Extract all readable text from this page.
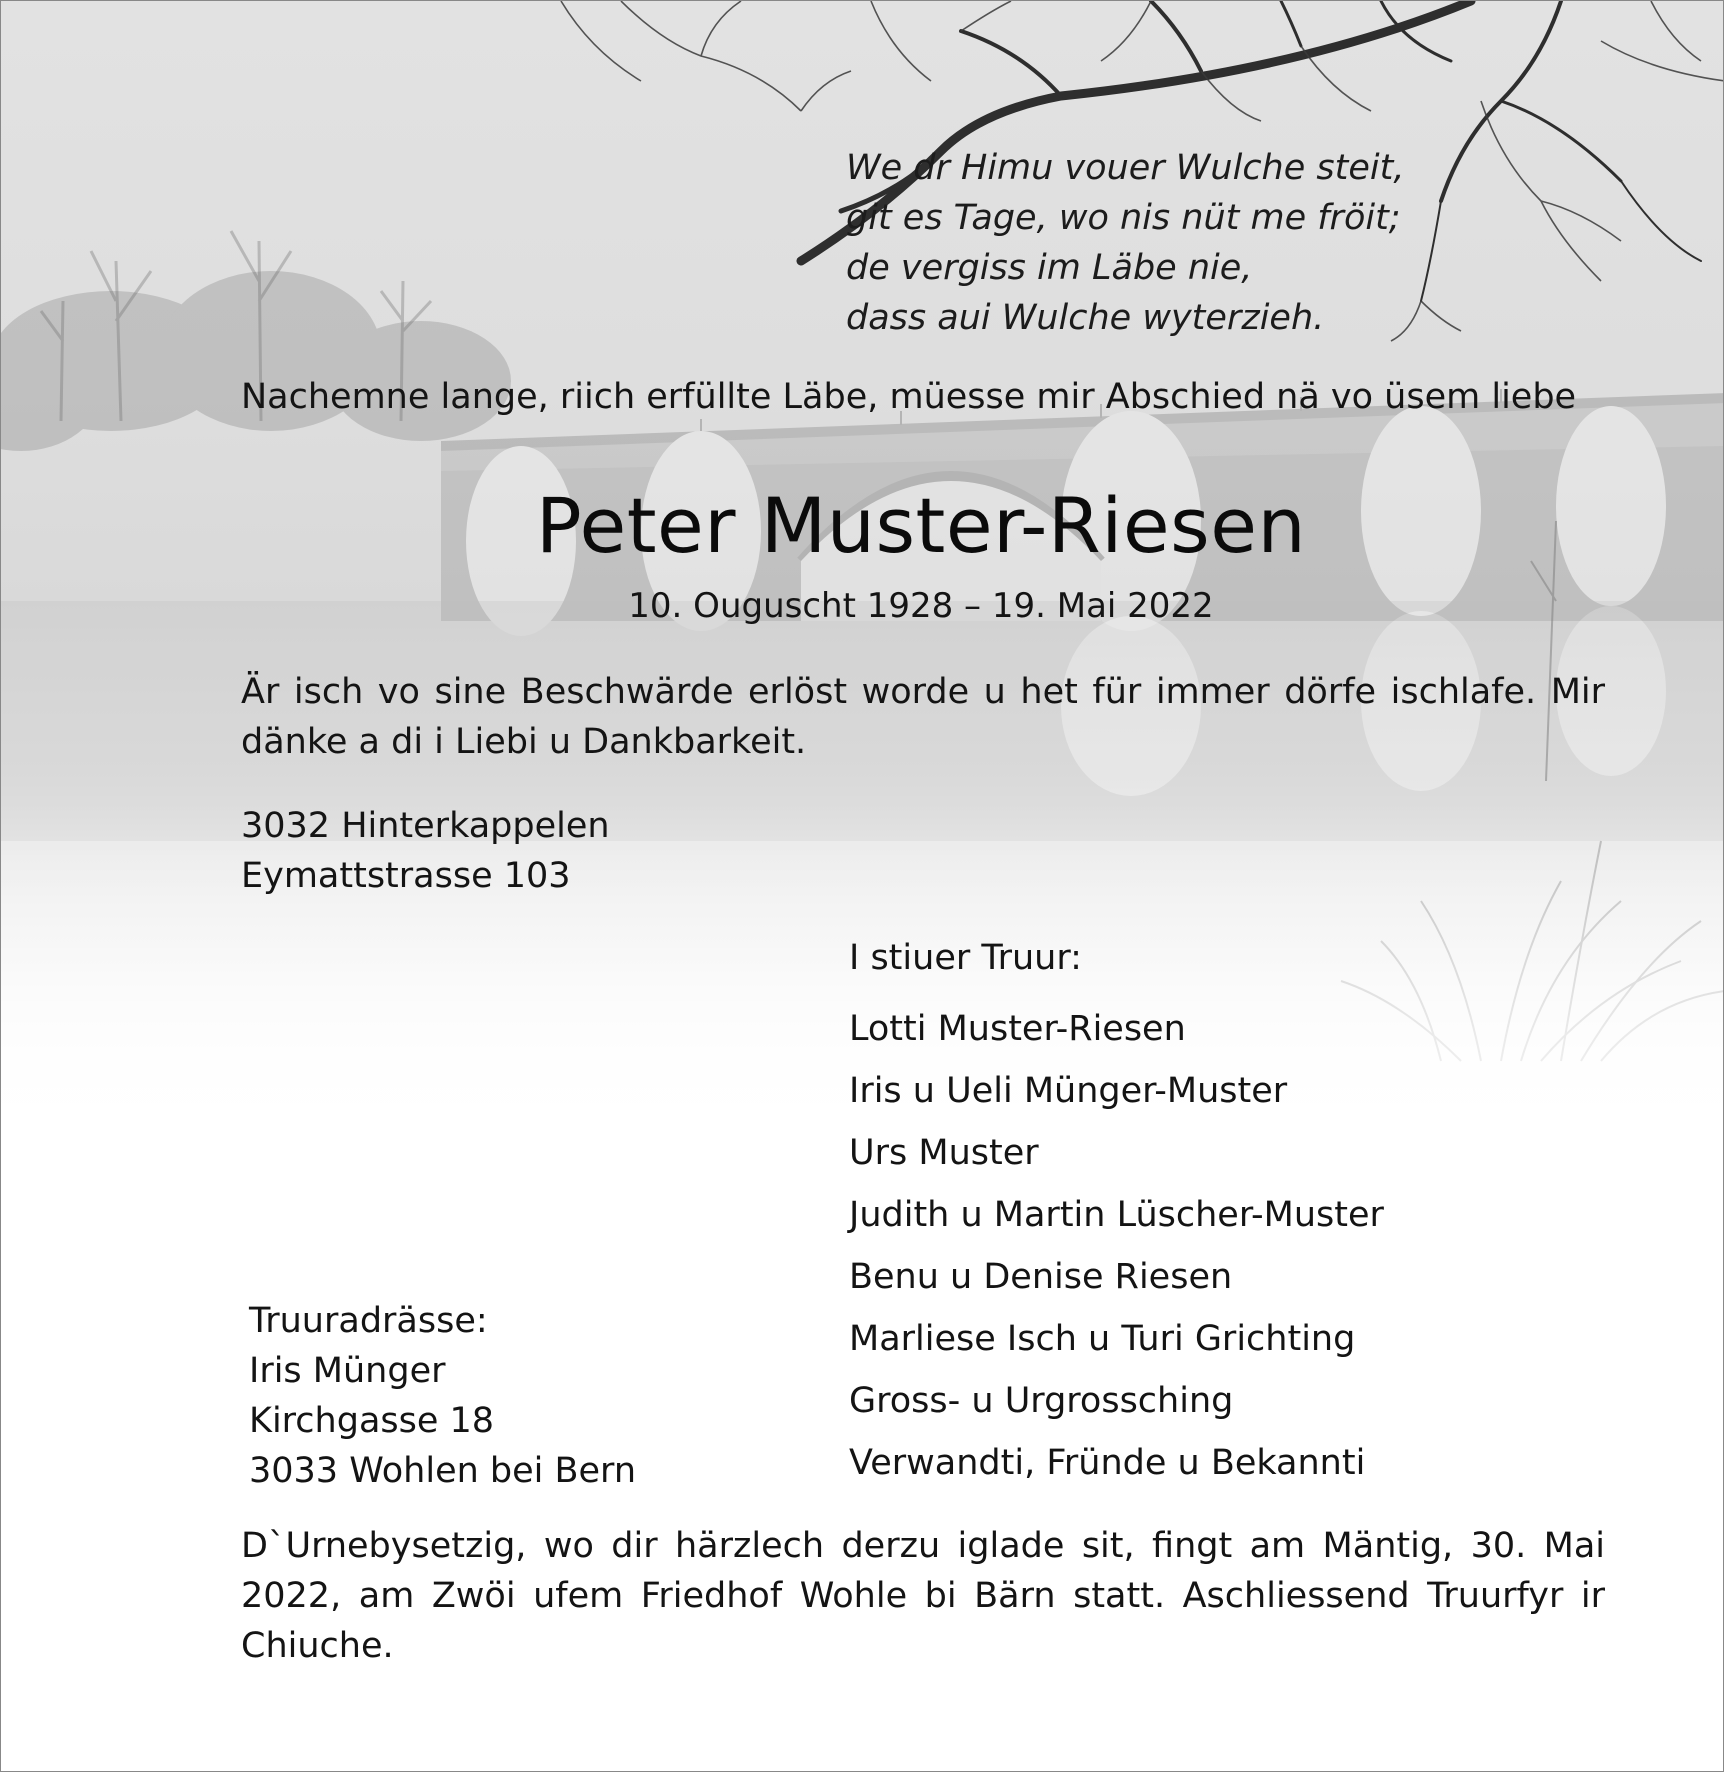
We dr Himu vouer Wulche steit,
git es Tage, wo nis nüt me fröit;
de vergiss im Läbe nie,
dass aui Wulche wyterzieh.
Nachemne lange, riich erfüllte Läbe, müesse mir Abschied nä vo üsem liebe
Peter Muster-Riesen
10. Ouguscht 1928 – 19. Mai 2022
Är isch vo sine Beschwärde erlöst worde u het für immer dörfe ischlafe. Mir dänke a di i Liebi u Dankbarkeit.
3032 Hinterkappelen
Eymattstrasse 103
I stiuer Truur:
Lotti Muster-Riesen
Iris u Ueli Münger-Muster
Urs Muster
Judith u Martin Lüscher-Muster
Benu u Denise Riesen
Marliese Isch u Turi Grichting
Gross- u Urgrossching
Verwandti, Fründe u Bekannti
Truuradrässe:
Iris Münger
Kirchgasse 18
3033 Wohlen bei Bern
D`Urnebysetzig, wo dir härzlech derzu iglade sit, fingt am Mäntig, 30. Mai 2022, am Zwöi ufem Friedhof Wohle bi Bärn statt. Aschliessend Truurfyr ir Chiuche.
